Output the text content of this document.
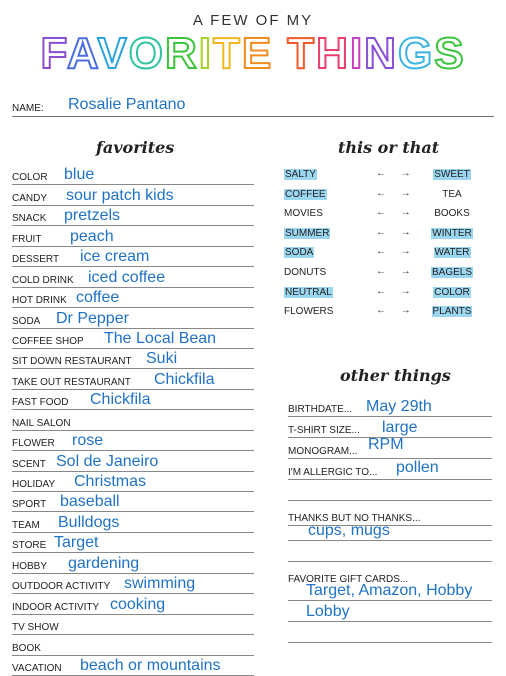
A FEW OF MY
FAVORITE THINGS
NAME: Rosalie Pantano
favorites	this or that
other things
COLOR blue
CANDY sour patch kids
SNACK pretzels
FRUIT peach
DESSERT ice cream
COLD DRINK iced coffee
HOT DRINK coffee
SODA Dr Pepper
COFFEE SHOP The Local Bean
SIT DOWN RESTAURANT Suki
TAKE OUT RESTAURANT Chickfila
FAST FOOD Chickfila
NAIL SALON
FLOWER rose
SCENT Sol de Janeiro
HOLIDAY Christmas
SPORT baseball
TEAM Bulldogs
STORE Target
HOBBY gardening
OUTDOOR ACTIVITY swimming
INDOOR ACTIVITY cooking
TV SHOW
BOOK
VACATION beach or mountains
SALTY	← →	SWEET
COFFEE	← →	TEA
MOVIES	← →	BOOKS
SUMMER	← →	WINTER
SODA	← →	WATER
DONUTS	← →	BAGELS
NEUTRAL	← →	COLOR
FLOWERS	← →	PLANTS
BIRTHDATE... May 29th
T-SHIRT SIZE... large
MONOGRAM... RPM
I'M ALLERGIC TO... pollen
THANKS BUT NO THANKS...
cups, mugs
FAVORITE GIFT CARDS...
Target, Amazon, Hobby
Lobby
